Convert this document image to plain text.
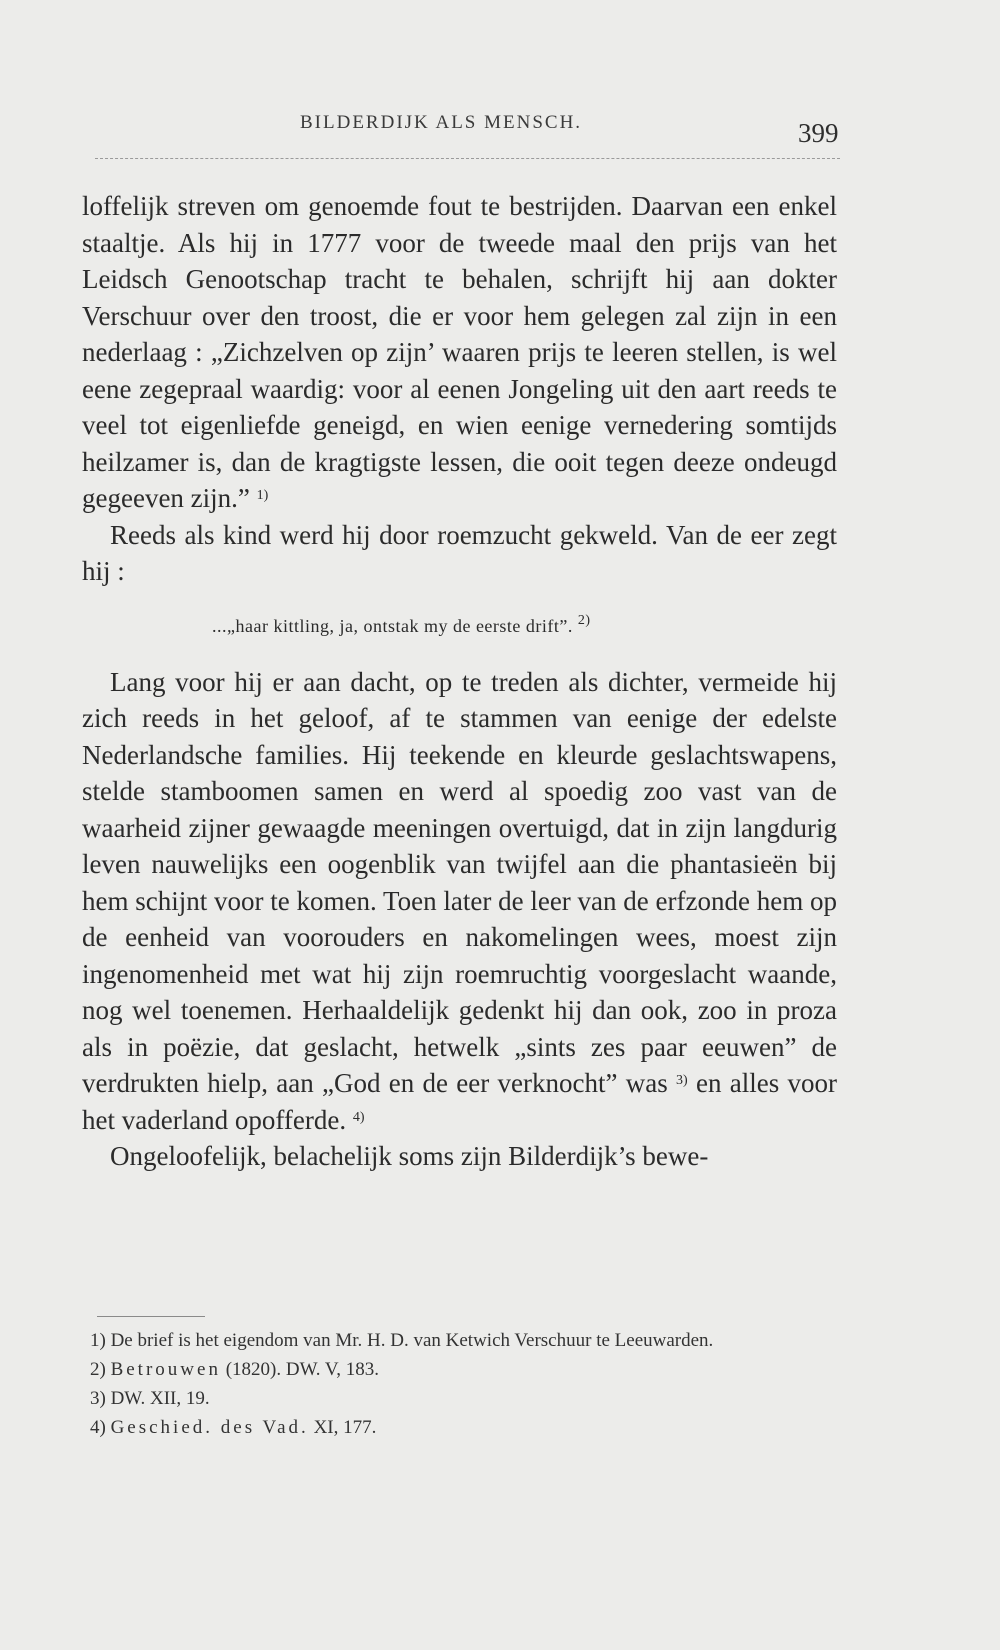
BILDERDIJK ALS MENSCH.	399

loffelijk streven om genoemde fout te bestrijden. Daarvan een enkel staaltje. Als hij in 1777 voor de tweede maal den prijs van het Leidsch Genootschap tracht te behalen, schrijft hij aan dokter Verschuur over den troost, die er voor hem gelegen zal zijn in een nederlaag : „Zichzelven op zijn’ waaren prijs te leeren stellen, is wel eene zegepraal waardig: voor al eenen Jongeling uit den aart reeds te veel tot eigenliefde geneigd, en wien eenige vernedering somtijds heilzamer is, dan de kragtigste lessen, die ooit tegen deeze ondeugd gegeeven zijn.” $^{1)}$

Reeds als kind werd hij door roemzucht gekweld. Van de eer zegt hij :

...„haar kittling, ja, ontstak my de eerste drift”. $^{2)}$

Lang voor hij er aan dacht, op te treden als dichter, vermeide hij zich reeds in het geloof, af te stammen van eenige der edelste Nederlandsche families. Hij teekende en kleurde geslachtswapens, stelde stamboomen samen en werd al spoedig zoo vast van de waarheid zijner gewaagde meeningen overtuigd, dat in zijn langdurig leven nauwelijks een oogenblik van twijfel aan die phantasieën bij hem schijnt voor te komen. Toen later de leer van de erfzonde hem op de eenheid van voorouders en nakomelingen wees, moest zijn ingenomenheid met wat hij zijn roemruchtig voorgeslacht waande, nog wel toenemen. Herhaaldelijk gedenkt hij dan ook, zoo in proza als in poëzie, dat geslacht, hetwelk „sints zes paar eeuwen” de verdrukten hielp, aan „God en de eer verknocht” was $^{3)}$ en alles voor het vaderland opofferde. $^{4)}$

Ongeloofelijk, belachelijk soms zijn Bilderdijk’s bewe-

1) De brief is het eigendom van Mr. H. D. van Ketwich Verschuur te Leeuwarden.

2) Betrouwen (1820). DW. V, 183.

3) DW. XII, 19.

4) Geschied. des Vad. XI, 177.
